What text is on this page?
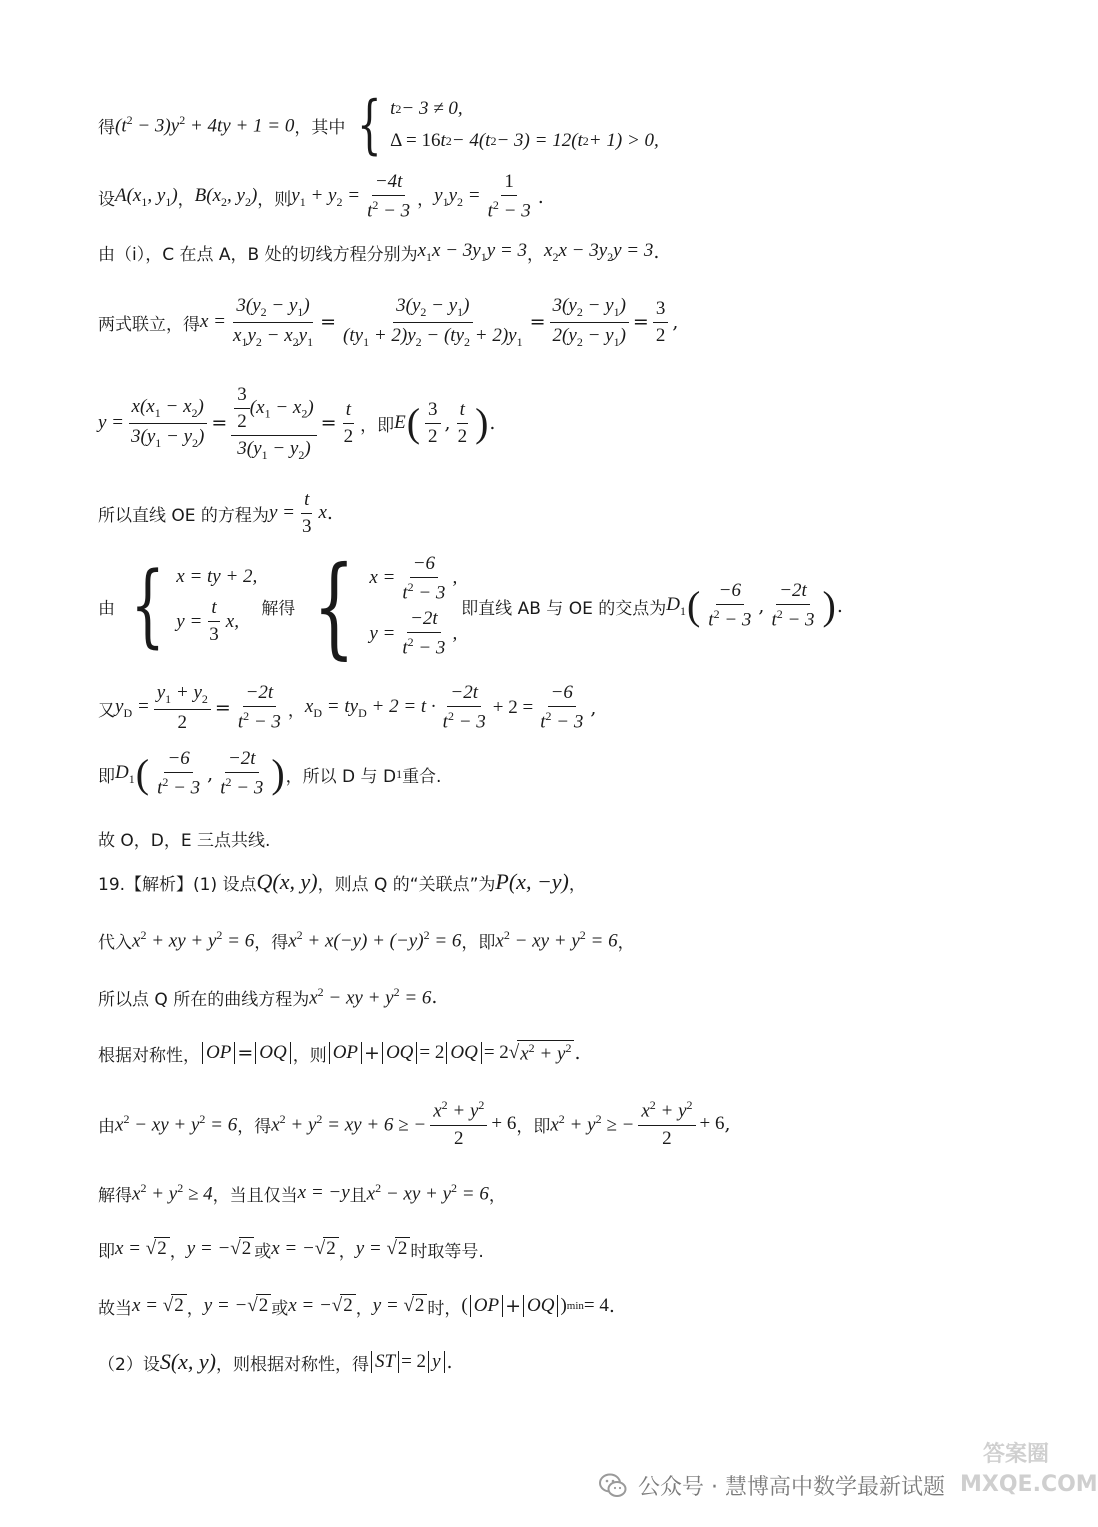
得 $(t^2 - 3)y^2 + 4ty + 1 = 0$ ，其中 { t 2 − 3 ≠ 0,
Δ = 16 t 2 − 4(t 2 − 3) = 12(t 2 + 1) > 0,
设 $A(x_1$, $y_1$) ， $B(x_2$, $y_2$) ，则 $y_1 + y_2 = \frac{-4t}{t^2 - 3}$ ， $y_1y_2 = \frac{1}{t^2 - 3}$ .
由（ⅰ），C 在点 A，B 处的切线方程分别为 $x_1x - 3y_1y = 3$ ， $x_2x - 3y_2y = 3$ .
两式联立，得 $x = \frac{3(y_2 - y_1)}{x_1y_2 - x_2y_1} = \frac{3(y_2 - y_1)}{(ty_1 + 2)y_2 - (ty_2 + 2)y_1} = \frac{3(y_2 - y_1)}{2(y_2 - y_1)} = \frac{3}{2}$ ,
$y = \frac{x(x_1 - x_2)}{3(y_1 - y_2)} = \frac{\frac{3}{2} (x_1 - x_2)}{3(y_1 - y_2)} = \frac{t}{2}$ ，即 E ( $\frac{3}{2}$ , $\frac{t}{2}$ ) .
所以直线 OE 的方程为 $y = \frac{t}{3}$ x .
由 { x = ty + 2,
$y = \frac{t}{3} x$,
解得 { $x = \frac{-6}{t^2 - 3}$ ,
$y = \frac{-2t}{t^2 - 3}$ ,
即直线 AB 与 OE 的交点为 $D_1$ ( $\frac{-6}{t^2 - 3}$ , $\frac{-2t}{t^2 - 3}$ ) .
又 $y_D = \frac{y_1 + y_2}{2} = \frac{-2t}{t^2 - 3}$ ， $x_D = ty_D + 2 = t \cdot \frac{-2t}{t^2 - 3} + 2 = \frac{-6}{t^2 - 3}$ ,
即 $D_1$ ( $\frac{-6}{t^2 - 3}$ , $\frac{-2t}{t^2 - 3}$ ) ，所以 D 与 D 1 重合.
故 O，D，E 三点共线.
19.【解析】(1) 设点 Q(x, y) ，则点 Q 的“关联点”为 P(x, −y) ，
代入 $x^2$ + xy + $y^2 = 6$ ，得 $x^2 + x(-y) + (-y)^2 = 6$ ，即 $x^2$ − xy + $y^2 = 6$ ，
所以点 Q 所在的曲线方程为 $x^2$ − xy + $y^2 = 6$ .
根据对称性， OP = OQ ，则 OP + OQ = 2 OQ = 2√ $x^2 + y^2$ .
由 $x^2$ − xy + $y^2 = 6$ ，得 $x^2 + y^2$ = xy + 6 ≥ − $\frac{x^2 + y^2}{2} + 6$ ，即 $x^2 + y^2$ ≥ − $\frac{x^2 + y^2}{2} + 6$ ,
解得 $x^2 + y^2 \ge 4$ ，当且仅当 x = −y 且 $x^2$ − xy + $y^2 = 6$ ，
即 x = √2 ， y = −√2 或 x = −√2 ， y = √2 时取等号.
故当 x = √2 ， y = −√2 或 x = −√2 ， y = √2 时， ( OP + OQ ) min = 4 .
（2）设 S(x, y) ，则根据对称性，得 ST = 2 y .
公众号 · 慧博高中数学最新试题
答案圈 MXQE.COM
